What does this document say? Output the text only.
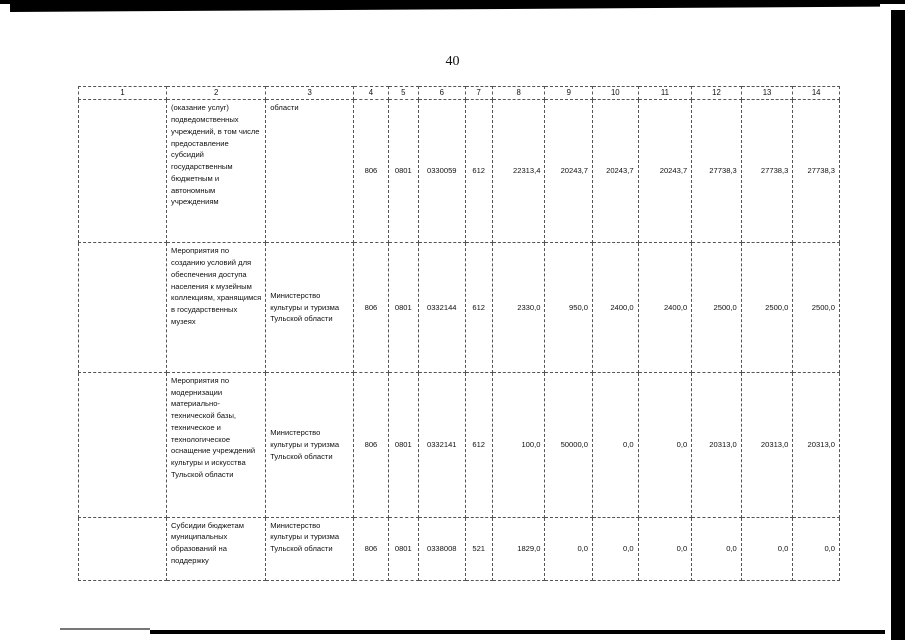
40
1	2	3	4	5	6	7	8	9	10	11	12	13	14
	(оказание услуг) подведомственных учреждений, в том числе предоставление субсидий государственным бюджетным и автономным учреждениям	области	806	0801	0330059	612	22313,4	20243,7	20243,7	20243,7	27738,3	27738,3	27738,3
	Мероприятия по созданию условий для обеспечения доступа населения к музейным коллекциям, хранящимся в государственных музеях	Министерство культуры и туризма Тульской области	806	0801	0332144	612	2330,0	950,0	2400,0	2400,0	2500,0	2500,0	2500,0
	Мероприятия по модернизации материально-технической базы, техническое и технологическое оснащение учреждений культуры и искусства Тульской области	Министерство культуры и туризма Тульской области	806	0801	0332141	612	100,0	50000,0	0,0	0,0	20313,0	20313,0	20313,0
	Субсидии бюджетам муниципальных образований на поддержку	Министерство культуры и туризма Тульской области	806	0801	0338008	521	1829,0	0,0	0,0	0,0	0,0	0,0	0,0
